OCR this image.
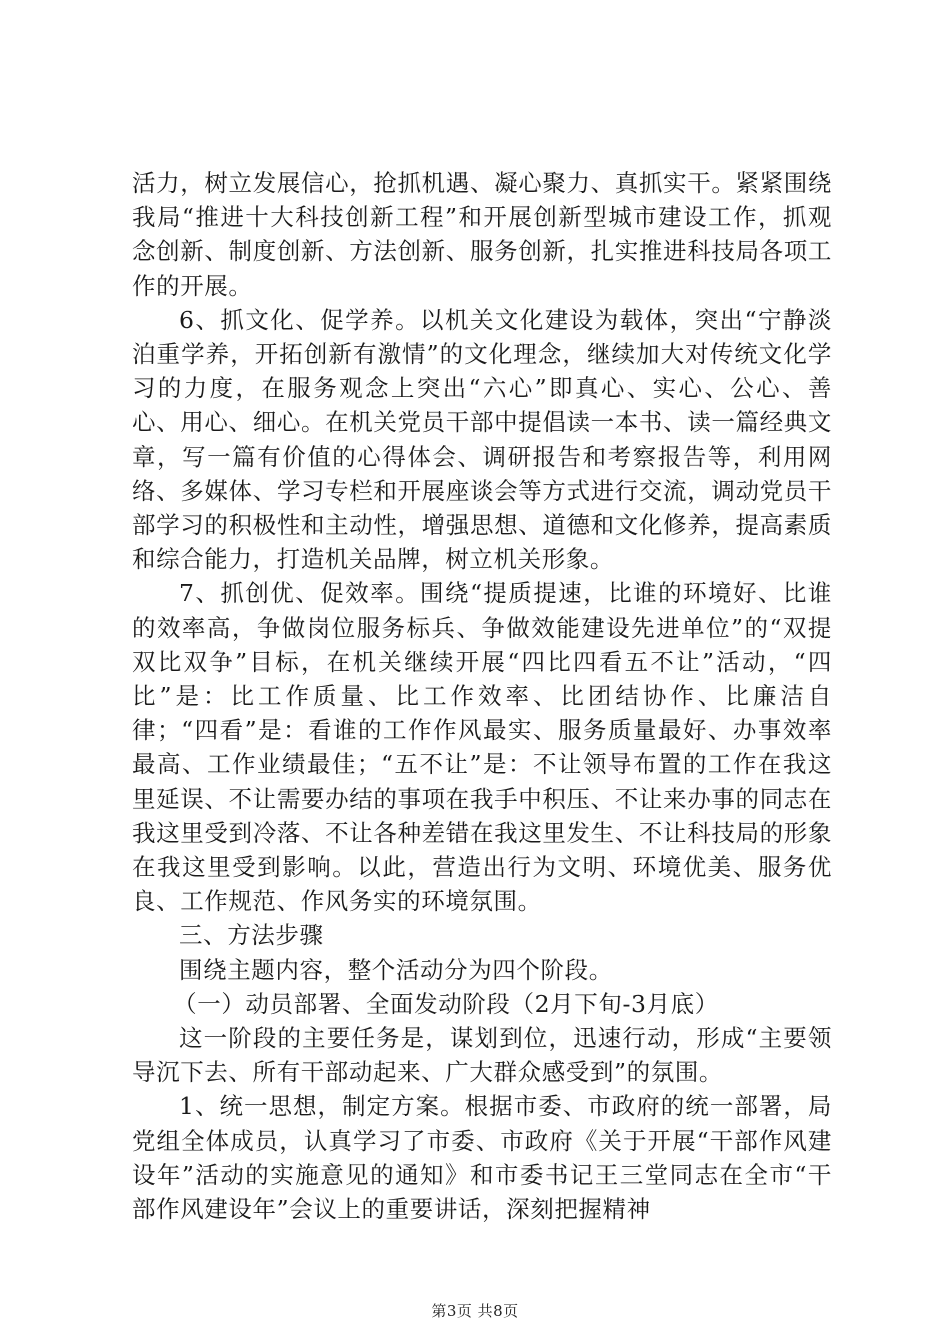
活力，树立发展信心，抢抓机遇、凝心聚力、真抓实干。紧紧围绕我局“推进十大科技创新工程”和开展创新型城市建设工作，抓观念创新、制度创新、方法创新、服务创新，扎实推进科技局各项工作的开展。

6、抓文化、促学养。以机关文化建设为载体，突出“宁静淡泊重学养，开拓创新有激情”的文化理念，继续加大对传统文化学习的力度，在服务观念上突出“六心”即真心、实心、公心、善心、用心、细心。在机关党员干部中提倡读一本书、读一篇经典文章，写一篇有价值的心得体会、调研报告和考察报告等，利用网络、多媒体、学习专栏和开展座谈会等方式进行交流，调动党员干部学习的积极性和主动性，增强思想、道德和文化修养，提高素质和综合能力，打造机关品牌，树立机关形象。

7、抓创优、促效率。围绕“提质提速，比谁的环境好、比谁的效率高，争做岗位服务标兵、争做效能建设先进单位”的“双提双比双争”目标，在机关继续开展“四比四看五不让”活动，“四比”是：比工作质量、比工作效率、比团结协作、比廉洁自律；“四看”是：看谁的工作作风最实、服务质量最好、办事效率最高、工作业绩最佳；“五不让”是：不让领导布置的工作在我这里延误、不让需要办结的事项在我手中积压、不让来办事的同志在我这里受到冷落、不让各种差错在我这里发生、不让科技局的形象在我这里受到影响。以此，营造出行为文明、环境优美、服务优良、工作规范、作风务实的环境氛围。

三、方法步骤

围绕主题内容，整个活动分为四个阶段。

（一）动员部署、全面发动阶段（2月下旬-3月底）

这一阶段的主要任务是，谋划到位，迅速行动，形成“主要领导沉下去、所有干部动起来、广大群众感受到”的氛围。

1、统一思想，制定方案。根据市委、市政府的统一部署，局党组全体成员，认真学习了市委、市政府《关于开展“干部作风建设年”活动的实施意见的通知》和市委书记王三堂同志在全市“干部作风建设年”会议上的重要讲话，深刻把握精神

第3页 共8页
